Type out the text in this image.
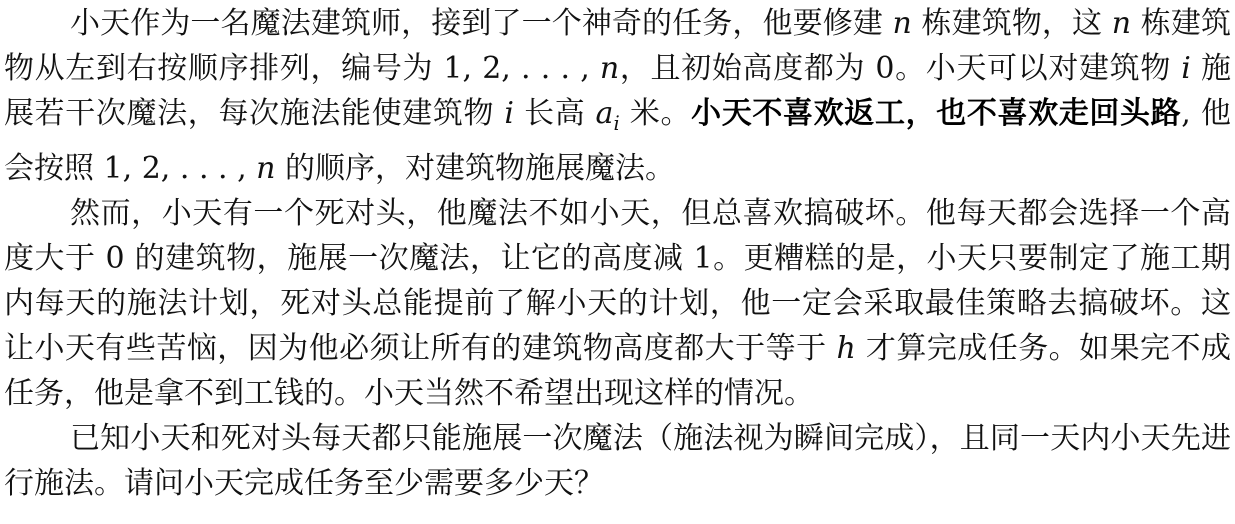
小天作为一名魔法建筑师，接到了一个神奇的任务，他要修建 n 栋建筑物，这 n 栋建筑物从左到右按顺序排列，编号为 1, 2, . . . , n，且初始高度都为 0。小天可以对建筑物 i 施展若干次魔法，每次施法能使建筑物 i 长高 $a_i$ 米。小天不喜欢返工，也不喜欢走回头路, 他会按照 1, 2, . . . , n 的顺序，对建筑物施展魔法。

然而，小天有一个死对头，他魔法不如小天，但总喜欢搞破坏。他每天都会选择一个高度大于 0 的建筑物，施展一次魔法，让它的高度减 1。更糟糕的是，小天只要制定了施工期内每天的施法计划，死对头总能提前了解小天的计划，他一定会采取最佳策略去搞破坏。这让小天有些苦恼，因为他必须让所有的建筑物高度都大于等于 h 才算完成任务。如果完不成任务，他是拿不到工钱的。小天当然不希望出现这样的情况。

已知小天和死对头每天都只能施展一次魔法（施法视为瞬间完成），且同一天内小天先进行施法。请问小天完成任务至少需要多少天？
